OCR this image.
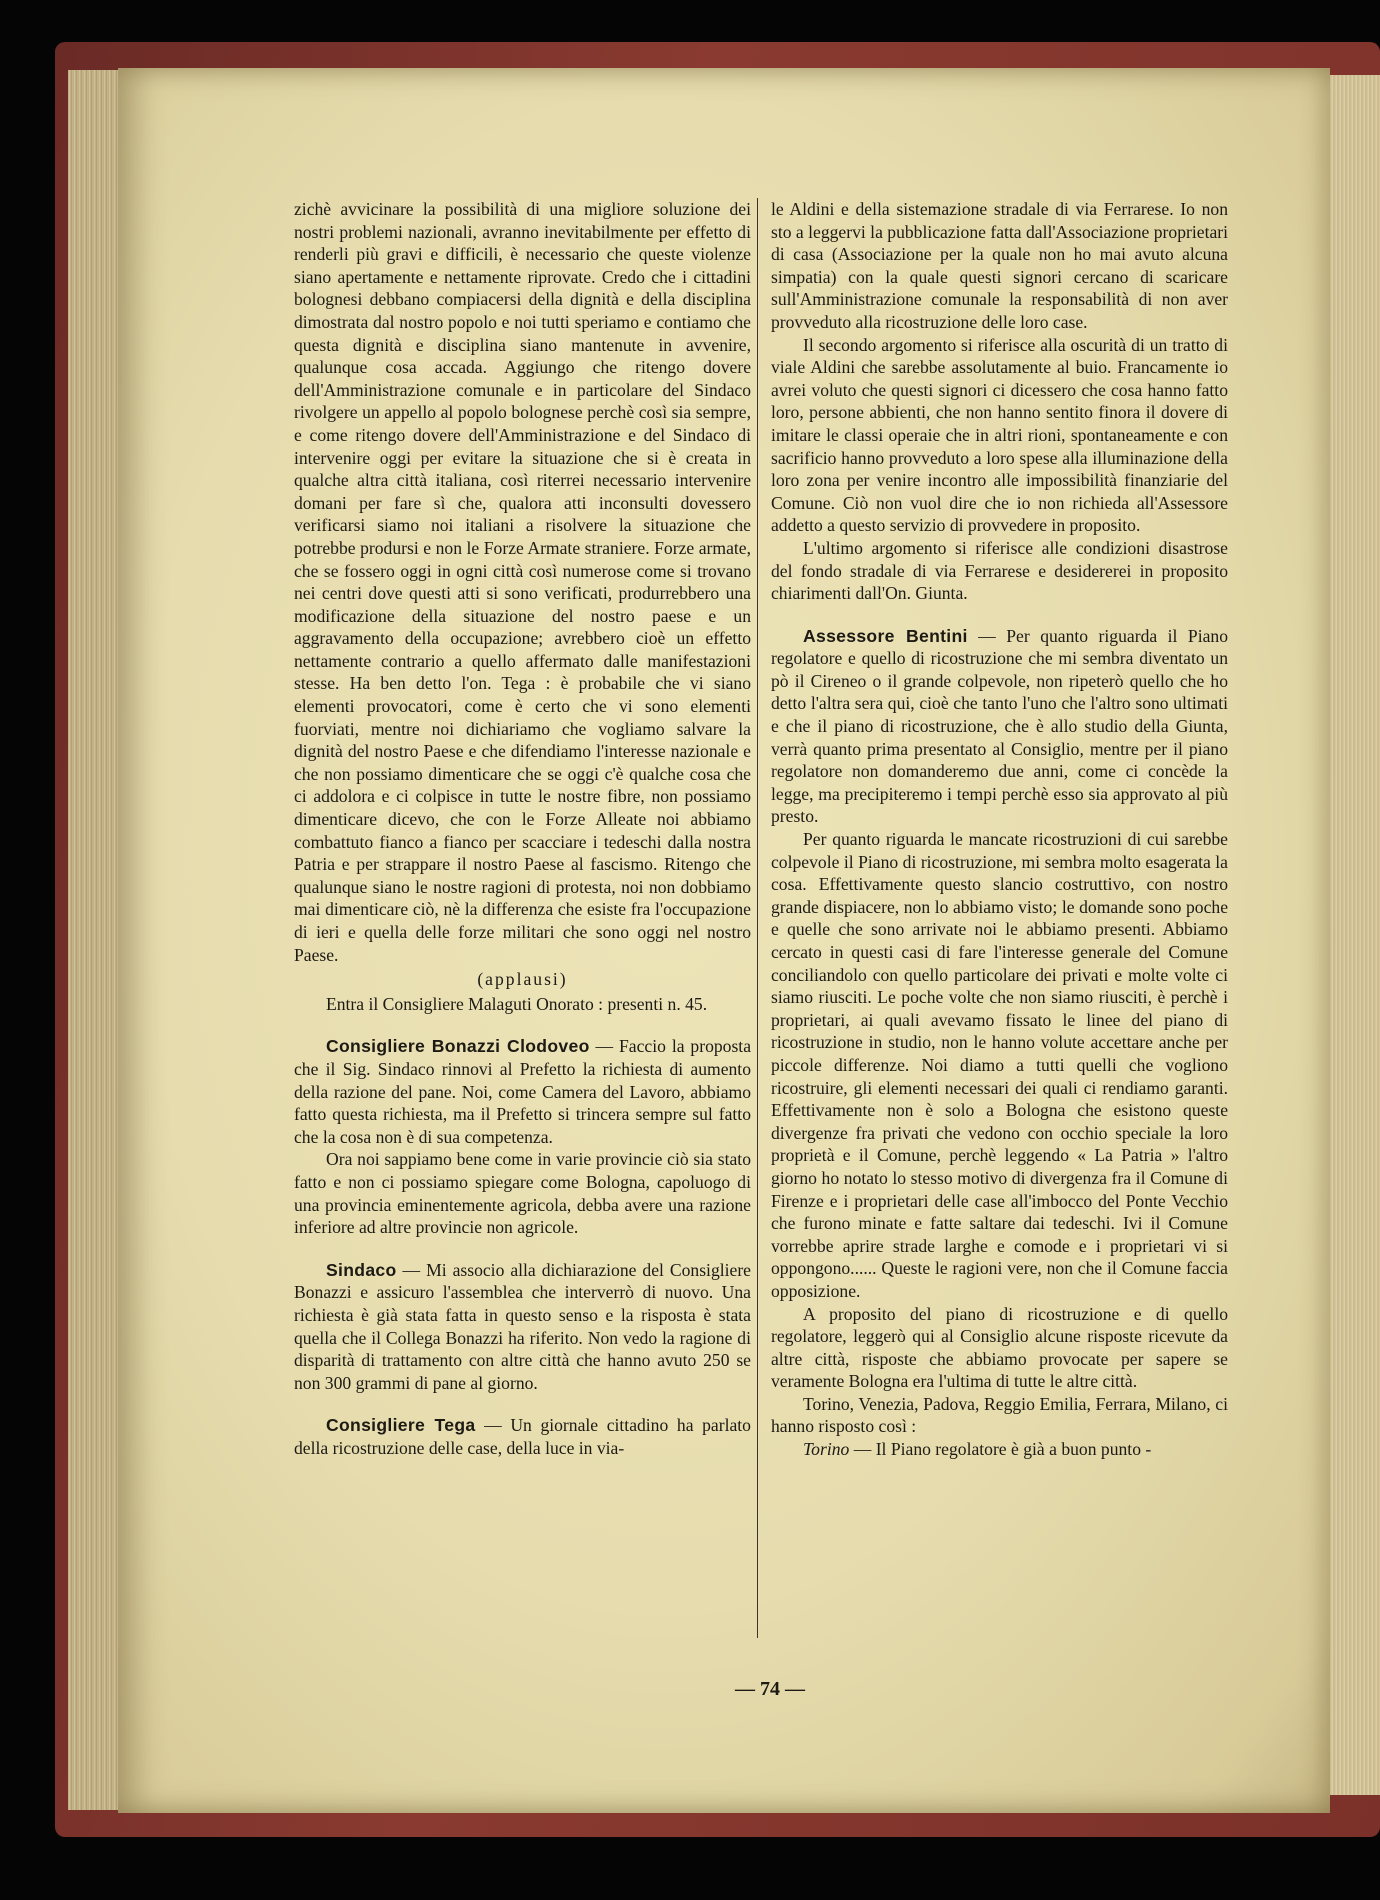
zichè avvicinare la possibilità di una migliore soluzione dei nostri problemi nazionali, avranno inevitabilmente per effetto di renderli più gravi e difficili, è necessario che queste violenze siano apertamente e nettamente riprovate. Credo che i cittadini bolognesi debbano compiacersi della dignità e della disciplina dimostrata dal nostro popolo e noi tutti speriamo e contiamo che questa dignità e disciplina siano mantenute in avvenire, qualunque cosa accada. Aggiungo che ritengo dovere dell'Amministrazione comunale e in particolare del Sindaco rivolgere un appello al popolo bolognese perchè così sia sempre, e come ritengo dovere dell'Amministrazione e del Sindaco di intervenire oggi per evitare la situazione che si è creata in qualche altra città italiana, così riterrei necessario intervenire domani per fare sì che, qualora atti inconsulti dovessero verificarsi siamo noi italiani a risolvere la situazione che potrebbe prodursi e non le Forze Armate straniere. Forze armate, che se fossero oggi in ogni città così numerose come si trovano nei centri dove questi atti si sono verificati, produrrebbero una modificazione della situazione del nostro paese e un aggravamento della occupazione; avrebbero cioè un effetto nettamente contrario a quello affermato dalle manifestazioni stesse. Ha ben detto l'on. Tega : è probabile che vi siano elementi provocatori, come è certo che vi sono elementi fuorviati, mentre noi dichiariamo che vogliamo salvare la dignità del nostro Paese e che difendiamo l'interesse nazionale e che non possiamo dimenticare che se oggi c'è qualche cosa che ci addolora e ci colpisce in tutte le nostre fibre, non possiamo dimenticare dicevo, che con le Forze Alleate noi abbiamo combattuto fianco a fianco per scacciare i tedeschi dalla nostra Patria e per strappare il nostro Paese al fascismo. Ritengo che qualunque siano le nostre ragioni di protesta, noi non dobbiamo mai dimenticare ciò, nè la differenza che esiste fra l'occupazione di ieri e quella delle forze militari che sono oggi nel nostro Paese.

(applausi)

Entra il Consigliere Malaguti Onorato : presenti n. 45.

Consigliere Bonazzi Clodoveo — Faccio la proposta che il Sig. Sindaco rinnovi al Prefetto la richiesta di aumento della razione del pane. Noi, come Camera del Lavoro, abbiamo fatto questa richiesta, ma il Prefetto si trincera sempre sul fatto che la cosa non è di sua competenza.

Ora noi sappiamo bene come in varie provincie ciò sia stato fatto e non ci possiamo spiegare come Bologna, capoluogo di una provincia eminentemente agricola, debba avere una razione inferiore ad altre provincie non agricole.

Sindaco — Mi associo alla dichiarazione del Consigliere Bonazzi e assicuro l'assemblea che interverrò di nuovo. Una richiesta è già stata fatta in questo senso e la risposta è stata quella che il Collega Bonazzi ha riferito. Non vedo la ragione di disparità di trattamento con altre città che hanno avuto 250 se non 300 grammi di pane al giorno.

Consigliere Tega — Un giornale cittadino ha parlato della ricostruzione delle case, della luce in via-

le Aldini e della sistemazione stradale di via Ferrarese. Io non sto a leggervi la pubblicazione fatta dall'Associazione proprietari di casa (Associazione per la quale non ho mai avuto alcuna simpatia) con la quale questi signori cercano di scaricare sull'Amministrazione comunale la responsabilità di non aver provveduto alla ricostruzione delle loro case.

Il secondo argomento si riferisce alla oscurità di un tratto di viale Aldini che sarebbe assolutamente al buio. Francamente io avrei voluto che questi signori ci dicessero che cosa hanno fatto loro, persone abbienti, che non hanno sentito finora il dovere di imitare le classi operaie che in altri rioni, spontaneamente e con sacrificio hanno provveduto a loro spese alla illuminazione della loro zona per venire incontro alle impossibilità finanziarie del Comune. Ciò non vuol dire che io non richieda all'Assessore addetto a questo servizio di provvedere in proposito.

L'ultimo argomento si riferisce alle condizioni disastrose del fondo stradale di via Ferrarese e desidererei in proposito chiarimenti dall'On. Giunta.

Assessore Bentini — Per quanto riguarda il Piano regolatore e quello di ricostruzione che mi sembra diventato un pò il Cireneo o il grande colpevole, non ripeterò quello che ho detto l'altra sera qui, cioè che tanto l'uno che l'altro sono ultimati e che il piano di ricostruzione, che è allo studio della Giunta, verrà quanto prima presentato al Consiglio, mentre per il piano regolatore non domanderemo due anni, come ci concède la legge, ma precipiteremo i tempi perchè esso sia approvato al più presto.

Per quanto riguarda le mancate ricostruzioni di cui sarebbe colpevole il Piano di ricostruzione, mi sembra molto esagerata la cosa. Effettivamente questo slancio costruttivo, con nostro grande dispiacere, non lo abbiamo visto; le domande sono poche e quelle che sono arrivate noi le abbiamo presenti. Abbiamo cercato in questi casi di fare l'interesse generale del Comune conciliandolo con quello particolare dei privati e molte volte ci siamo riusciti. Le poche volte che non siamo riusciti, è perchè i proprietari, ai quali avevamo fissato le linee del piano di ricostruzione in studio, non le hanno volute accettare anche per piccole differenze. Noi diamo a tutti quelli che vogliono ricostruire, gli elementi necessari dei quali ci rendiamo garanti. Effettivamente non è solo a Bologna che esistono queste divergenze fra privati che vedono con occhio speciale la loro proprietà e il Comune, perchè leggendo « La Patria » l'altro giorno ho notato lo stesso motivo di divergenza fra il Comune di Firenze e i proprietari delle case all'imbocco del Ponte Vecchio che furono minate e fatte saltare dai tedeschi. Ivi il Comune vorrebbe aprire strade larghe e comode e i proprietari vi si oppongono...... Queste le ragioni vere, non che il Comune faccia opposizione.

A proposito del piano di ricostruzione e di quello regolatore, leggerò qui al Consiglio alcune risposte ricevute da altre città, risposte che abbiamo provocate per sapere se veramente Bologna era l'ultima di tutte le altre città.

Torino, Venezia, Padova, Reggio Emilia, Ferrara, Milano, ci hanno risposto così :

Torino — Il Piano regolatore è già a buon punto -

— 74 —
